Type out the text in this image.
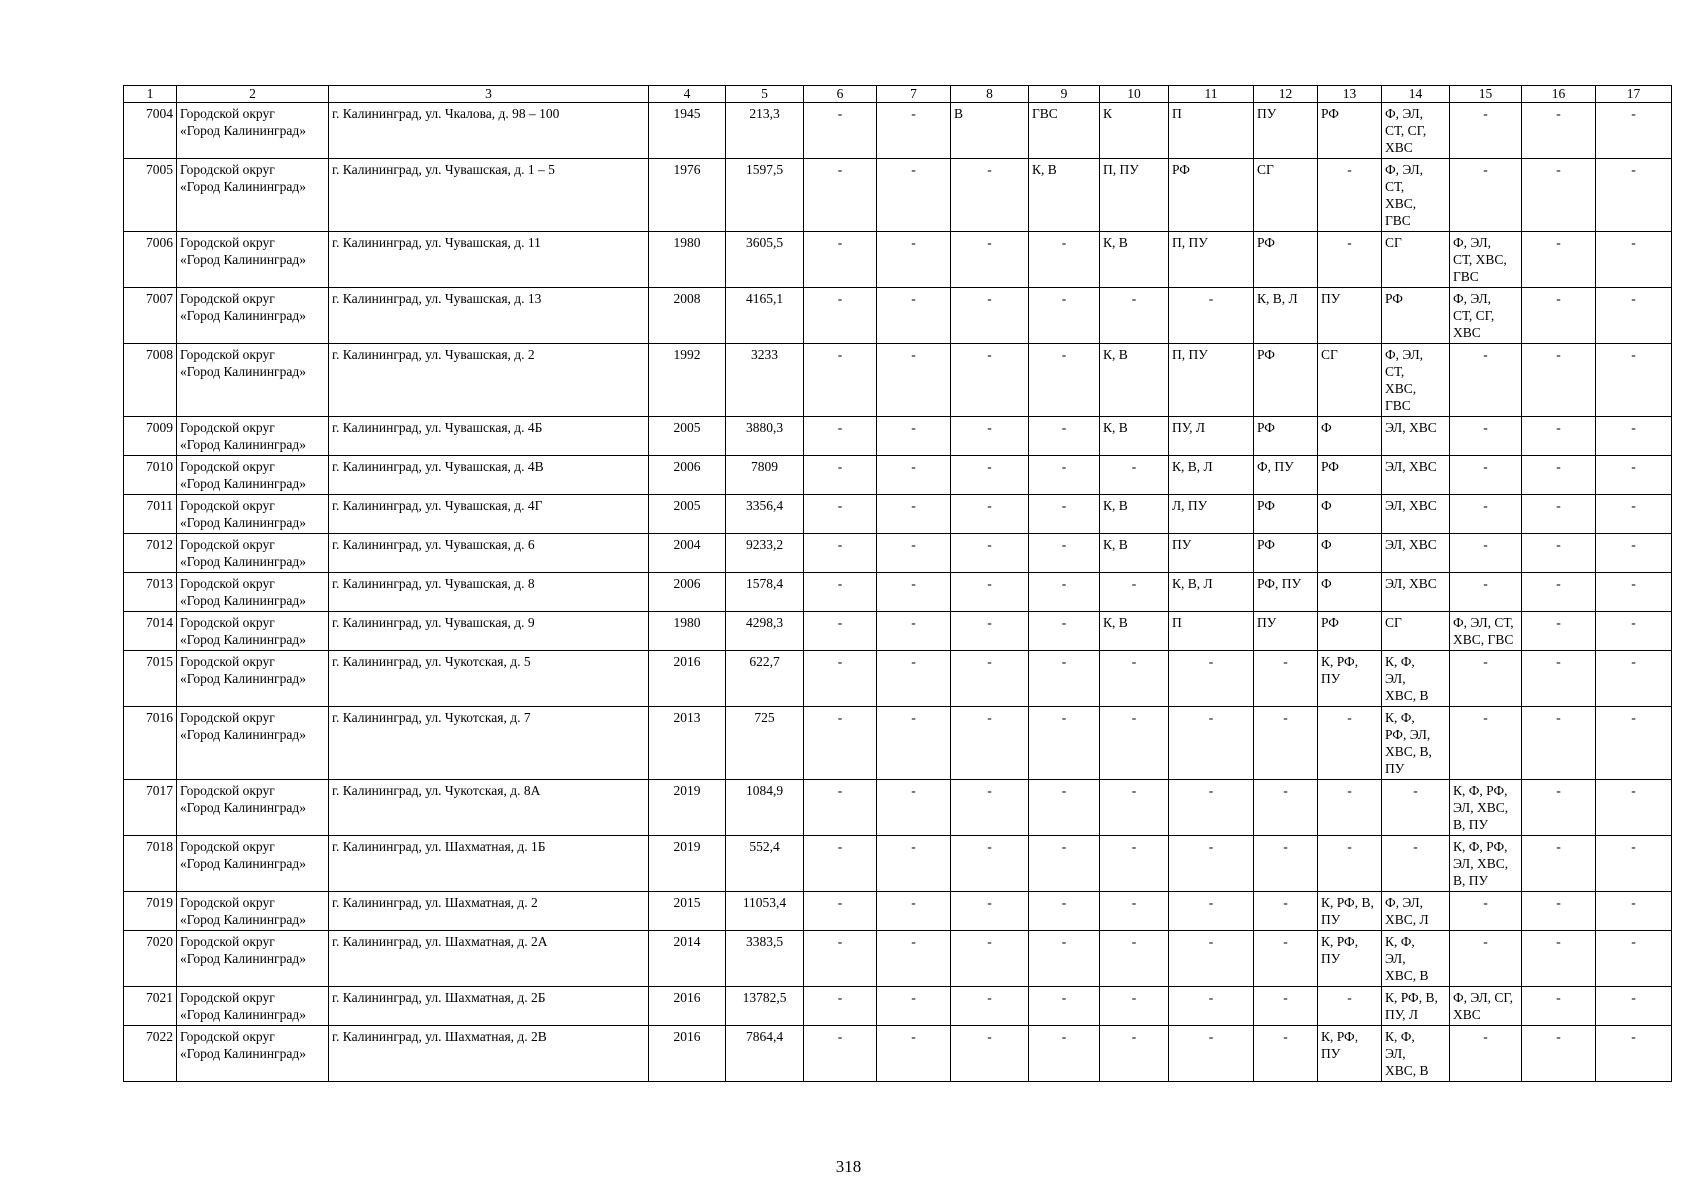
1	2	3	4	5	6	7	8	9	10	11	12	13	14	15	16	17
7004	Городской округ
«Город Калининград»	г. Калининград, ул. Чкалова, д. 98 – 100	1945	213,3	-	-	В	ГВС	К	П	ПУ	РФ	Ф, ЭЛ,
СТ, СГ,
ХВС	-	-	-
7005	Городской округ
«Город Калининград»	г. Калининград, ул. Чувашская, д. 1 – 5	1976	1597,5	-	-	-	К, В	П, ПУ	РФ	СГ	-	Ф, ЭЛ,
СТ,
ХВС,
ГВС	-	-	-
7006	Городской округ
«Город Калининград»	г. Калининград, ул. Чувашская, д. 11	1980	3605,5	-	-	-	-	К, В	П, ПУ	РФ	-	СГ	Ф, ЭЛ,
СТ, ХВС,
ГВС	-	-
7007	Городской округ
«Город Калининград»	г. Калининград, ул. Чувашская, д. 13	2008	4165,1	-	-	-	-	-	-	К, В, Л	ПУ	РФ	Ф, ЭЛ,
СТ, СГ,
ХВС	-	-
7008	Городской округ
«Город Калининград»	г. Калининград, ул. Чувашская, д. 2	1992	3233	-	-	-	-	К, В	П, ПУ	РФ	СГ	Ф, ЭЛ,
СТ,
ХВС,
ГВС	-	-	-
7009	Городской округ
«Город Калининград»	г. Калининград, ул. Чувашская, д. 4Б	2005	3880,3	-	-	-	-	К, В	ПУ, Л	РФ	Ф	ЭЛ, ХВС	-	-	-
7010	Городской округ
«Город Калининград»	г. Калининград, ул. Чувашская, д. 4В	2006	7809	-	-	-	-	-	К, В, Л	Ф, ПУ	РФ	ЭЛ, ХВС	-	-	-
7011	Городской округ
«Город Калининград»	г. Калининград, ул. Чувашская, д. 4Г	2005	3356,4	-	-	-	-	К, В	Л, ПУ	РФ	Ф	ЭЛ, ХВС	-	-	-
7012	Городской округ
«Город Калининград»	г. Калининград, ул. Чувашская, д. 6	2004	9233,2	-	-	-	-	К, В	ПУ	РФ	Ф	ЭЛ, ХВС	-	-	-
7013	Городской округ
«Город Калининград»	г. Калининград, ул. Чувашская, д. 8	2006	1578,4	-	-	-	-	-	К, В, Л	РФ, ПУ	Ф	ЭЛ, ХВС	-	-	-
7014	Городской округ
«Город Калининград»	г. Калининград, ул. Чувашская, д. 9	1980	4298,3	-	-	-	-	К, В	П	ПУ	РФ	СГ	Ф, ЭЛ, СТ,
ХВС, ГВС	-	-
7015	Городской округ
«Город Калининград»	г. Калининград, ул. Чукотская, д. 5	2016	622,7	-	-	-	-	-	-	-	К, РФ,
ПУ	К, Ф,
ЭЛ,
ХВС, В	-	-	-
7016	Городской округ
«Город Калининград»	г. Калининград, ул. Чукотская, д. 7	2013	725	-	-	-	-	-	-	-	-	К, Ф,
РФ, ЭЛ,
ХВС, В,
ПУ	-	-	-
7017	Городской округ
«Город Калининград»	г. Калининград, ул. Чукотская, д. 8А	2019	1084,9	-	-	-	-	-	-	-	-	-	К, Ф, РФ,
ЭЛ, ХВС,
В, ПУ	-	-
7018	Городской округ
«Город Калининград»	г. Калининград, ул. Шахматная, д. 1Б	2019	552,4	-	-	-	-	-	-	-	-	-	К, Ф, РФ,
ЭЛ, ХВС,
В, ПУ	-	-
7019	Городской округ
«Город Калининград»	г. Калининград, ул. Шахматная, д. 2	2015	11053,4	-	-	-	-	-	-	-	К, РФ, В,
ПУ	Ф, ЭЛ,
ХВС, Л	-	-	-
7020	Городской округ
«Город Калининград»	г. Калининград, ул. Шахматная, д. 2А	2014	3383,5	-	-	-	-	-	-	-	К, РФ,
ПУ	К, Ф,
ЭЛ,
ХВС, В	-	-	-
7021	Городской округ
«Город Калининград»	г. Калининград, ул. Шахматная, д. 2Б	2016	13782,5	-	-	-	-	-	-	-	-	К, РФ, В,
ПУ, Л	Ф, ЭЛ, СГ,
ХВС	-	-
7022	Городской округ
«Город Калининград»	г. Калининград, ул. Шахматная, д. 2В	2016	7864,4	-	-	-	-	-	-	-	К, РФ,
ПУ	К, Ф,
ЭЛ,
ХВС, В	-	-	-
318
